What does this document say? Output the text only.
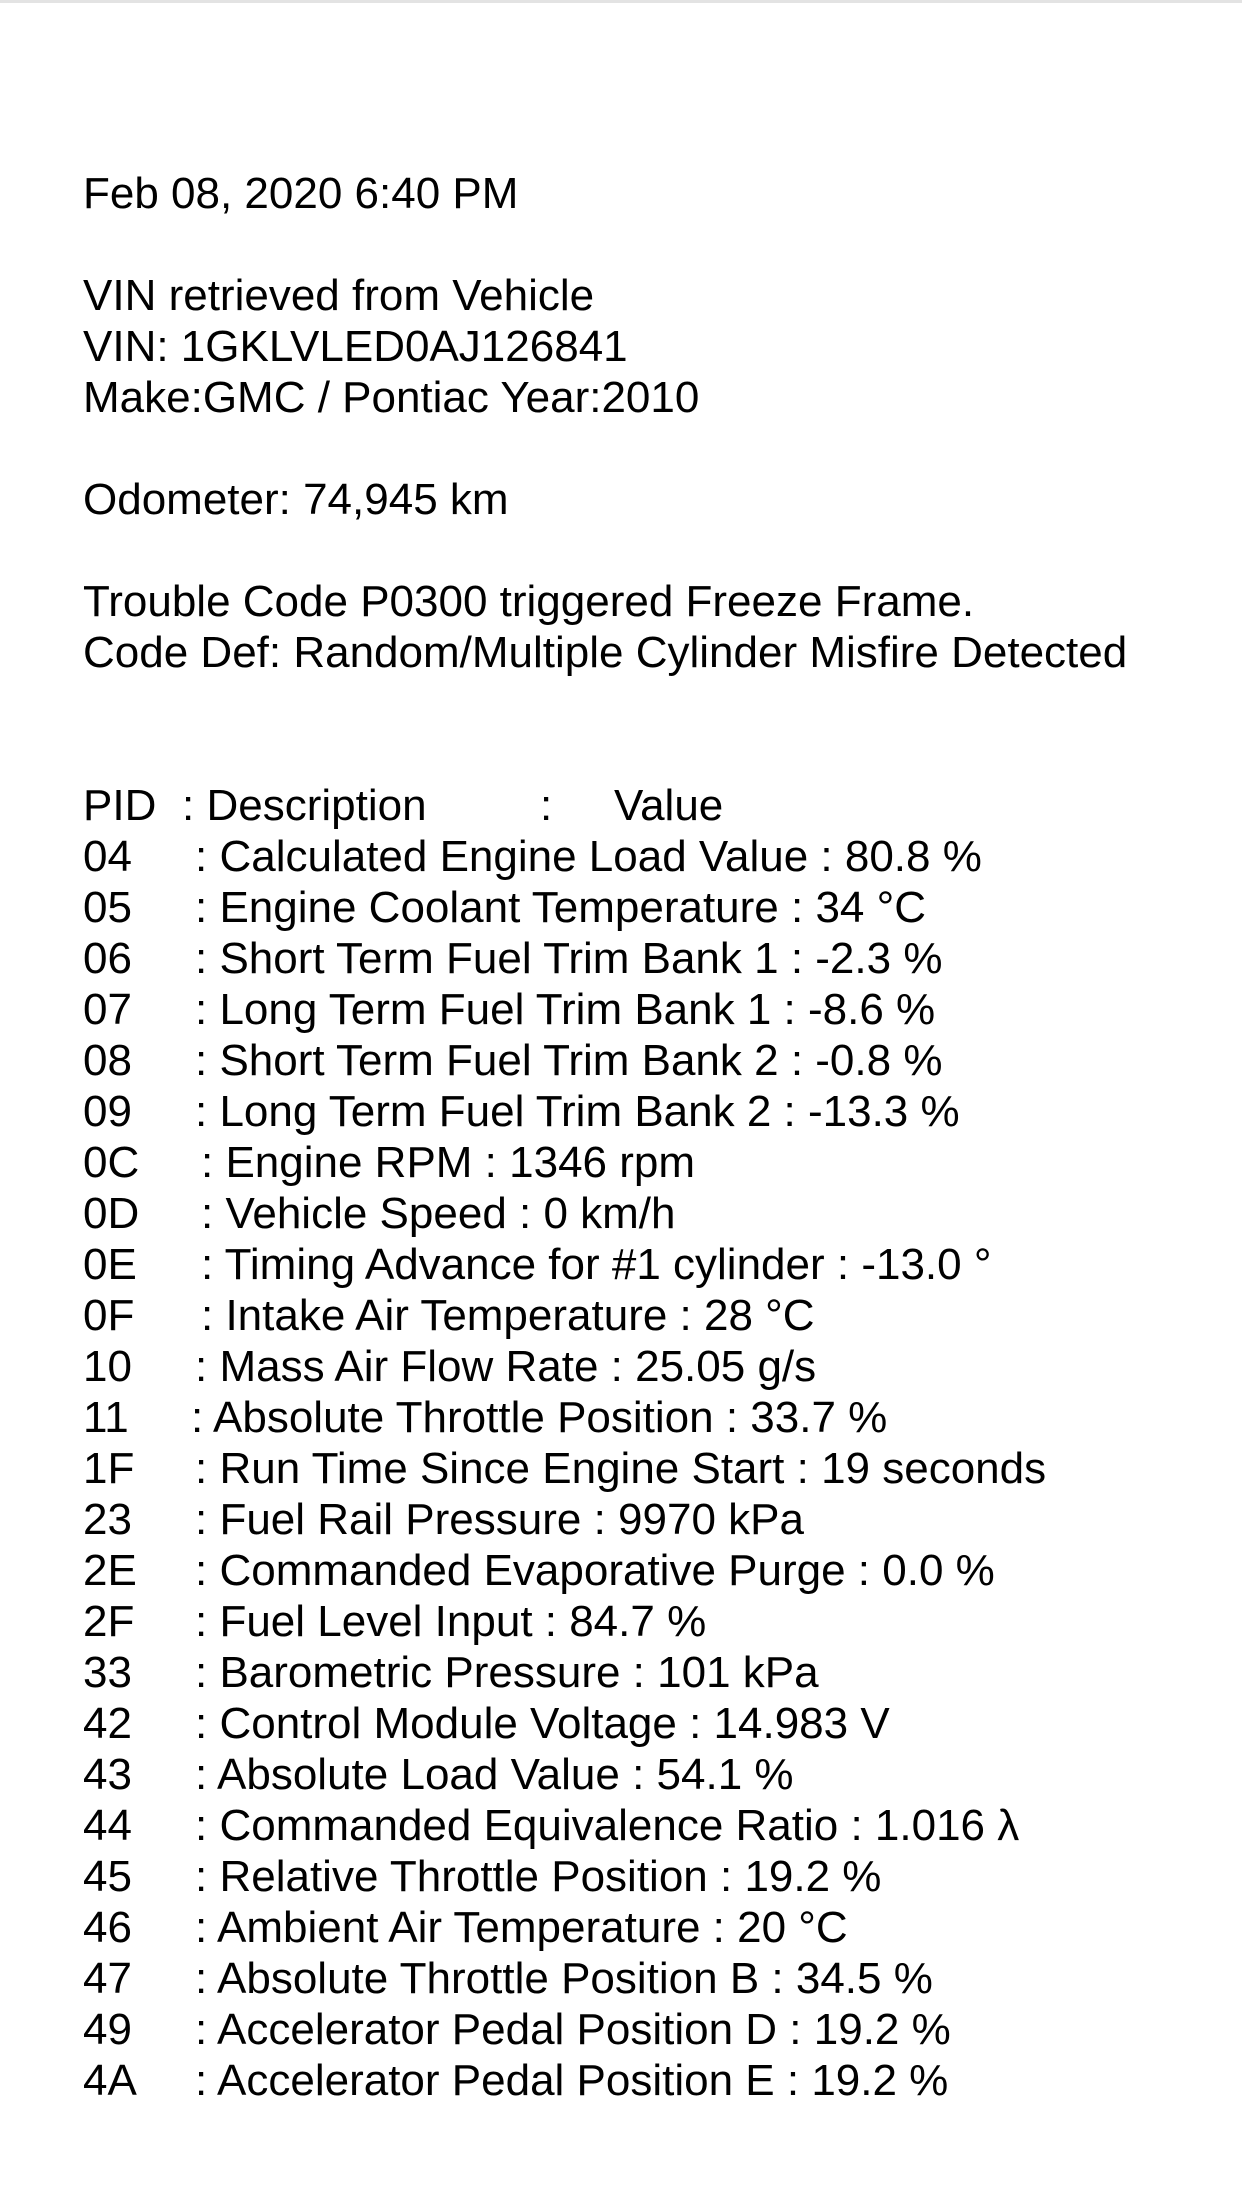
Feb 08, 2020 6:40 PM
VIN retrieved from Vehicle
VIN: 1GKLVLED0AJ126841
Make:GMC / Pontiac Year:2010
Odometer: 74,945 km
Trouble Code P0300 triggered Freeze Frame.
Code Def: Random/Multiple Cylinder Misfire Detected
PID : Description	:	Value
04	: Calculated Engine Load Value : 80.8 %
05	: Engine Coolant Temperature : 34 °C
06	: Short Term Fuel Trim Bank 1 : -2.3 %
07	: Long Term Fuel Trim Bank 1 : -8.6 %
08	: Short Term Fuel Trim Bank 2 : -0.8 %
09	: Long Term Fuel Trim Bank 2 : -13.3 %
0C	: Engine RPM : 1346 rpm
0D	: Vehicle Speed : 0 km/h
0E	: Timing Advance for #1 cylinder : -13.0 °
0F	: Intake Air Temperature : 28 °C
10	: Mass Air Flow Rate : 25.05 g/s
11	: Absolute Throttle Position : 33.7 %
1F	: Run Time Since Engine Start : 19 seconds
23	: Fuel Rail Pressure : 9970 kPa
2E	: Commanded Evaporative Purge : 0.0 %
2F	: Fuel Level Input : 84.7 %
33	: Barometric Pressure : 101 kPa
42	: Control Module Voltage : 14.983 V
43	: Absolute Load Value : 54.1 %
44	: Commanded Equivalence Ratio : 1.016 λ
45	: Relative Throttle Position : 19.2 %
46	: Ambient Air Temperature : 20 °C
47	: Absolute Throttle Position B : 34.5 %
49	: Accelerator Pedal Position D : 19.2 %
4A	: Accelerator Pedal Position E : 19.2 %
